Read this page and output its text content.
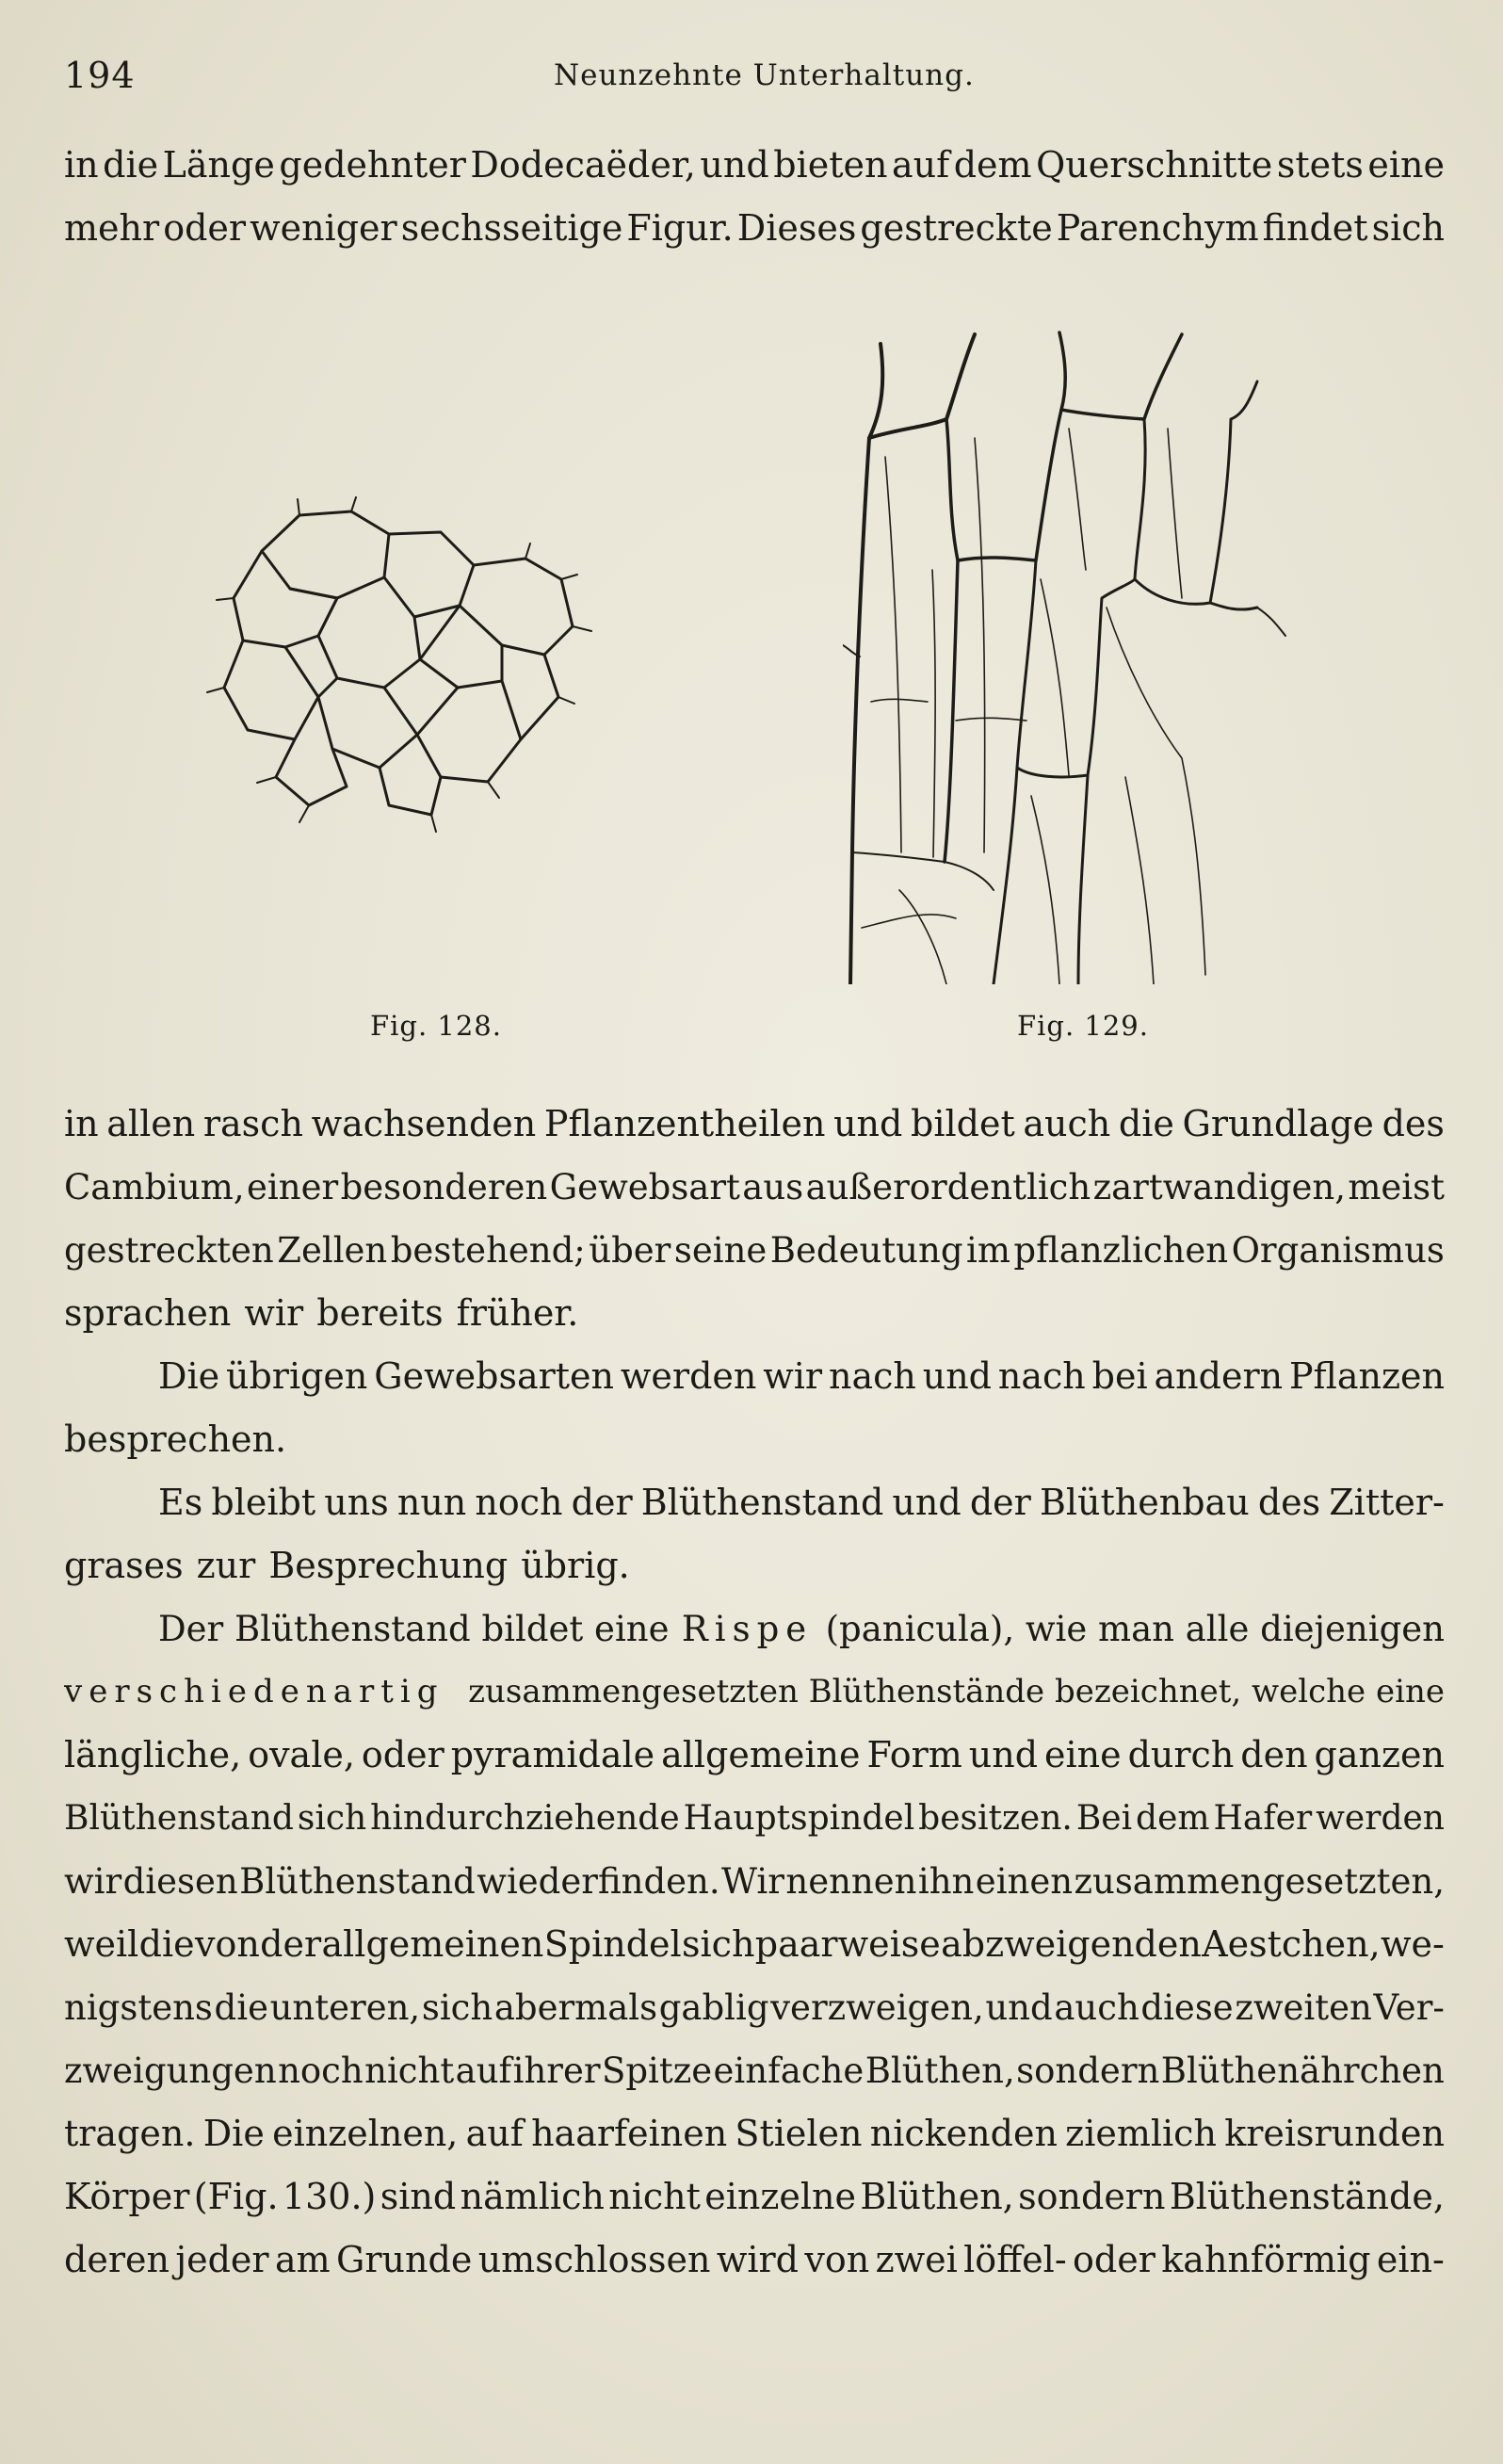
194	Neunzehnte Unterhaltung.
in die Länge gedehnter Dodecaëder, und bieten auf dem Querschnitte stets eine
mehr oder weniger sechsseitige Figur. Dieses gestreckte Parenchym findet sich
Fig. 128.	Fig. 129.
in allen rasch wachsenden Pflanzentheilen und bildet auch die Grundlage des
Cambium, einer besonderen Gewebsart aus außerordentlich zartwandigen, meist
gestreckten Zellen bestehend; über seine Bedeutung im pflanzlichen Organismus
sprachen wir bereits früher.
Die übrigen Gewebsarten werden wir nach und nach bei andern Pflanzen
besprechen.
Es bleibt uns nun noch der Blüthenstand und der Blüthenbau des Zitter-
grases zur Besprechung übrig.
Der Blüthenstand bildet eine Rispe (panicula), wie man alle diejenigen
verschiedenartig zusammengesetzten Blüthenstände bezeichnet, welche eine
längliche, ovale, oder pyramidale allgemeine Form und eine durch den ganzen
Blüthenstand sich hindurchziehende Hauptspindel besitzen. Bei dem Hafer werden
wir diesen Blüthenstand wiederfinden. Wir nennen ihn einen zusammengesetzten,
weil die von der allgemeinen Spindel sich paarweise abzweigenden Aestchen, we-
nigstens die unteren, sich abermals gablig verzweigen, und auch diese zweiten Ver-
zweigungen noch nicht auf ihrer Spitze einfache Blüthen, sondern Blüthenährchen
tragen. Die einzelnen, auf haarfeinen Stielen nickenden ziemlich kreisrunden
Körper (Fig. 130.) sind nämlich nicht einzelne Blüthen, sondern Blüthenstände,
deren jeder am Grunde umschlossen wird von zwei löffel- oder kahnförmig ein-
